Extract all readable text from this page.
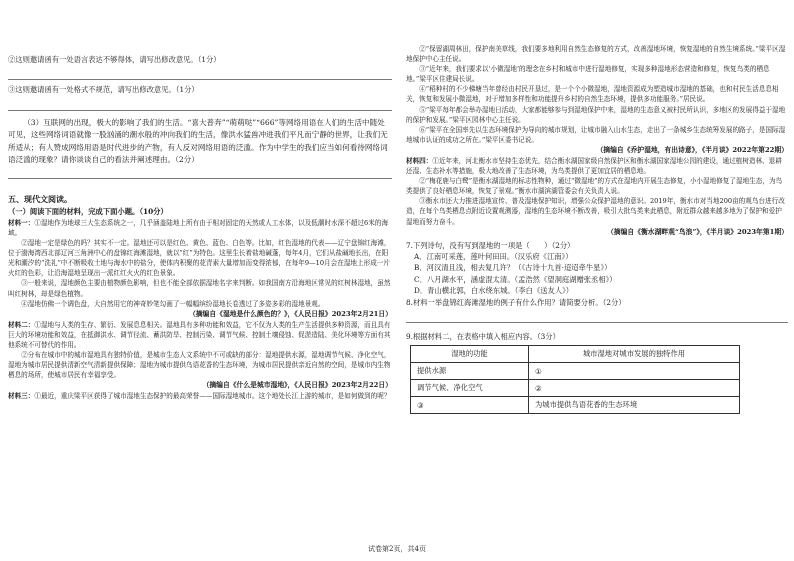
②这则邀请函有一处语言表达不够得体，请写出修改意见。（1分）
③这则邀请函有一处格式不规范，请写出修改意见。（1分）
（3）互联网的出现，极大的影响了我们的生活。“喜大普奔”“萌萌哒”“666”等网络用语在人们的生活中随处可见，这些网络词语就像一股汹涌的潮水般的冲向我们的生活，像洪水猛兽冲进我们平凡而宁静的世界，让我们无所适从；有人赞成网络用语是时代进步的产物，有人反对网络用语的泛滥。作为中学生的我们应当如何看待网络词语泛滥的现象？请你谈谈自己的看法并阐述理由。（2分）
五、现代文阅读。
（一）阅读下面的材料，完成下面小题。（10分）
材料一：①湿地作为地球三大生态系统之一，几乎涵盖陆地上所有由于相对固定的天然或人工水体，以及低潮时水深不超过6米的海域。
②湿地一定是绿色的吗？其实不一定。湿地还可以是红色、黄色、蓝色、白色等。比如，红色湿地的代表——辽宁盘锦红海滩，位于渤海湾西北部辽河三角洲中心的盘锦红海滩湿地，就以“红”为特色。这里生长着盐地碱蓬，每年4月，它们从盐碱地长出，在阳光和潮汐的“洗礼”中不断吸收土地与海水中的盐分，使体内积聚的花青素大量增加而变得浓郁，在每年9—10月会在湿地上形成一片火红的色彩，让沿海湿地呈现出一派红红火火的红色景象。
③一般来说，湿地颜色主要由植物颜色影响，但也不能全部依据湿地名字来判断。如我国南方沿海地区常见的红树林湿地，虽然叫红树林，却是绿色植物。
④湿地仿佛一个调色盘，大自然用它的神奇妙笔勾画了一幅幅缤纷湿地长卷透过了多姿多彩的湿地景观。
（摘编自《湿地是什么颜色的？》，《人民日报》2023年2月21日）
材料二：①湿地与人类的生存、繁衍、发展息息相关。湿地具有多种功能和效益，它不仅为人类的生产生活提供多种资源，而且具有巨大的环境功能和效益，在抵御洪水、调节径流、蓄洪防旱、控制污染、调节气候、控制土壤侵蚀、促淤造陆、美化环境等方面有其他系统不可替代的作用。
②分布在城市中的城市湿地具有独特价值，是城市生态人文系统中不可或缺的部分：湿地提供水源，湿地调节气候、净化空气，湿地为城市居民提供清新空气清新提供保障；湿地为城市提供鸟语花香的生态环境，为城市居民提供亲近自然的空间，是城市内生物栖息的场所，使城市居民有幸福享受。
（摘编自《什么是城市湿地》，《人民日报》2023年2月22日）
材料三：①最近，重庆梁平区获得了城市湿地生态保护的最高荣誉——国际湿地城市。这个地处长江上游的城市，是如何做到的呢？
②“保留湖周林田，保护南美草线，我们要多地利用自然生态修复的方式，改善湿地环境，恢复湿地的自然生境系统。”梁平区湿地保护中心主任说。
③“近年来，我们要求以‘小微湿地’的理念在乡村和城市中进行湿地修复，实现多种湿地形态营造和修复，恢复鸟类的栖息地。”梁平区住建局长说。
④“稻种村的不少梯塘当年曾经由村民开垦过，是一个个小微湿地，湿地资源成为塑造城市湿地的基础，也和村民生活息息相关，恢复和发展小微湿地，对于增加多样性和功能提升乡村的自然生态环境，提供多功能服务。”居民说。
⑤“梁平每年都会举办湿地日活动，大家都能够参与到湿地保护中来，湿地的生态意义被村民所认识，多地区的发展得益于湿地的保护和发展。”梁平区园林中心主任说。
⑥“梁平在全国率先以生态环境保护为导向的城市规划，让城市融入山水生态，走出了一条城乡生态统筹发展的路子，是国际湿地城市认证的成功之所在。”梁平区委书记说。
（摘编自《乔护湿地，有出诗意》，《半月谈》2022年第22期）
材料四：①近年来，河北衡水市坚持生态优先，结合衡水湖国家级自然保护区和衡水湖国家湿地公园的建设，通过植树造林、退耕还湿、生态补水等措施，极大地改善了生态环境，为鸟类提供了更加宜居的栖息地。
②“梅花鹿与白鹭”是衡水湖湿地的标志性物种，通过“微湿地”的方式在湿地内开展生态修复，小小湿地修复了湿地生态，为鸟类提供了良好栖息环境，恢复了景观。”衡水市湖滨湖管委会有关负责人说。
③衡水市还大力推进湿地宣传、普及湿地保护知识，增强公众保护湿地的意识。2019年，衡水市对当地200亩的观鸟台进行改造，在每个鸟类栖息点附近设置观测器，湿地的生态环境不断改善，吸引大批鸟类来此栖息，附近群众越来越多地为了保护和爱护湿地而努力奋斗。
（摘编自《衡水湖畔观“鸟浪”》，《半月谈》2023年第1期）
7.下列诗句，没有写到湿地的一项是（　　）（2分）
A．江南可采莲，莲叶何田田。（汉乐府《江南》）
B．河汉清且浅，相去复几许？（《古诗十九首·迢迢牵牛星》）
C．八月湖水平，涵虚混太清。（孟浩然《望洞庭湖赠张丞相》）
D．青山横北郭，白水绕东城。（李白《送友人》）
8.材料一举盘锦红海滩湿地的例子有什么作用？请简要分析。（2分）
9.根据材料二，在表格中填入相应内容。（3分）
湿地的功能	城市湿地对城市发展的独特作用
提供水源	①
调节气候、净化空气	②
③	为城市提供鸟语花香的生态环境
试卷第2页，共4页
